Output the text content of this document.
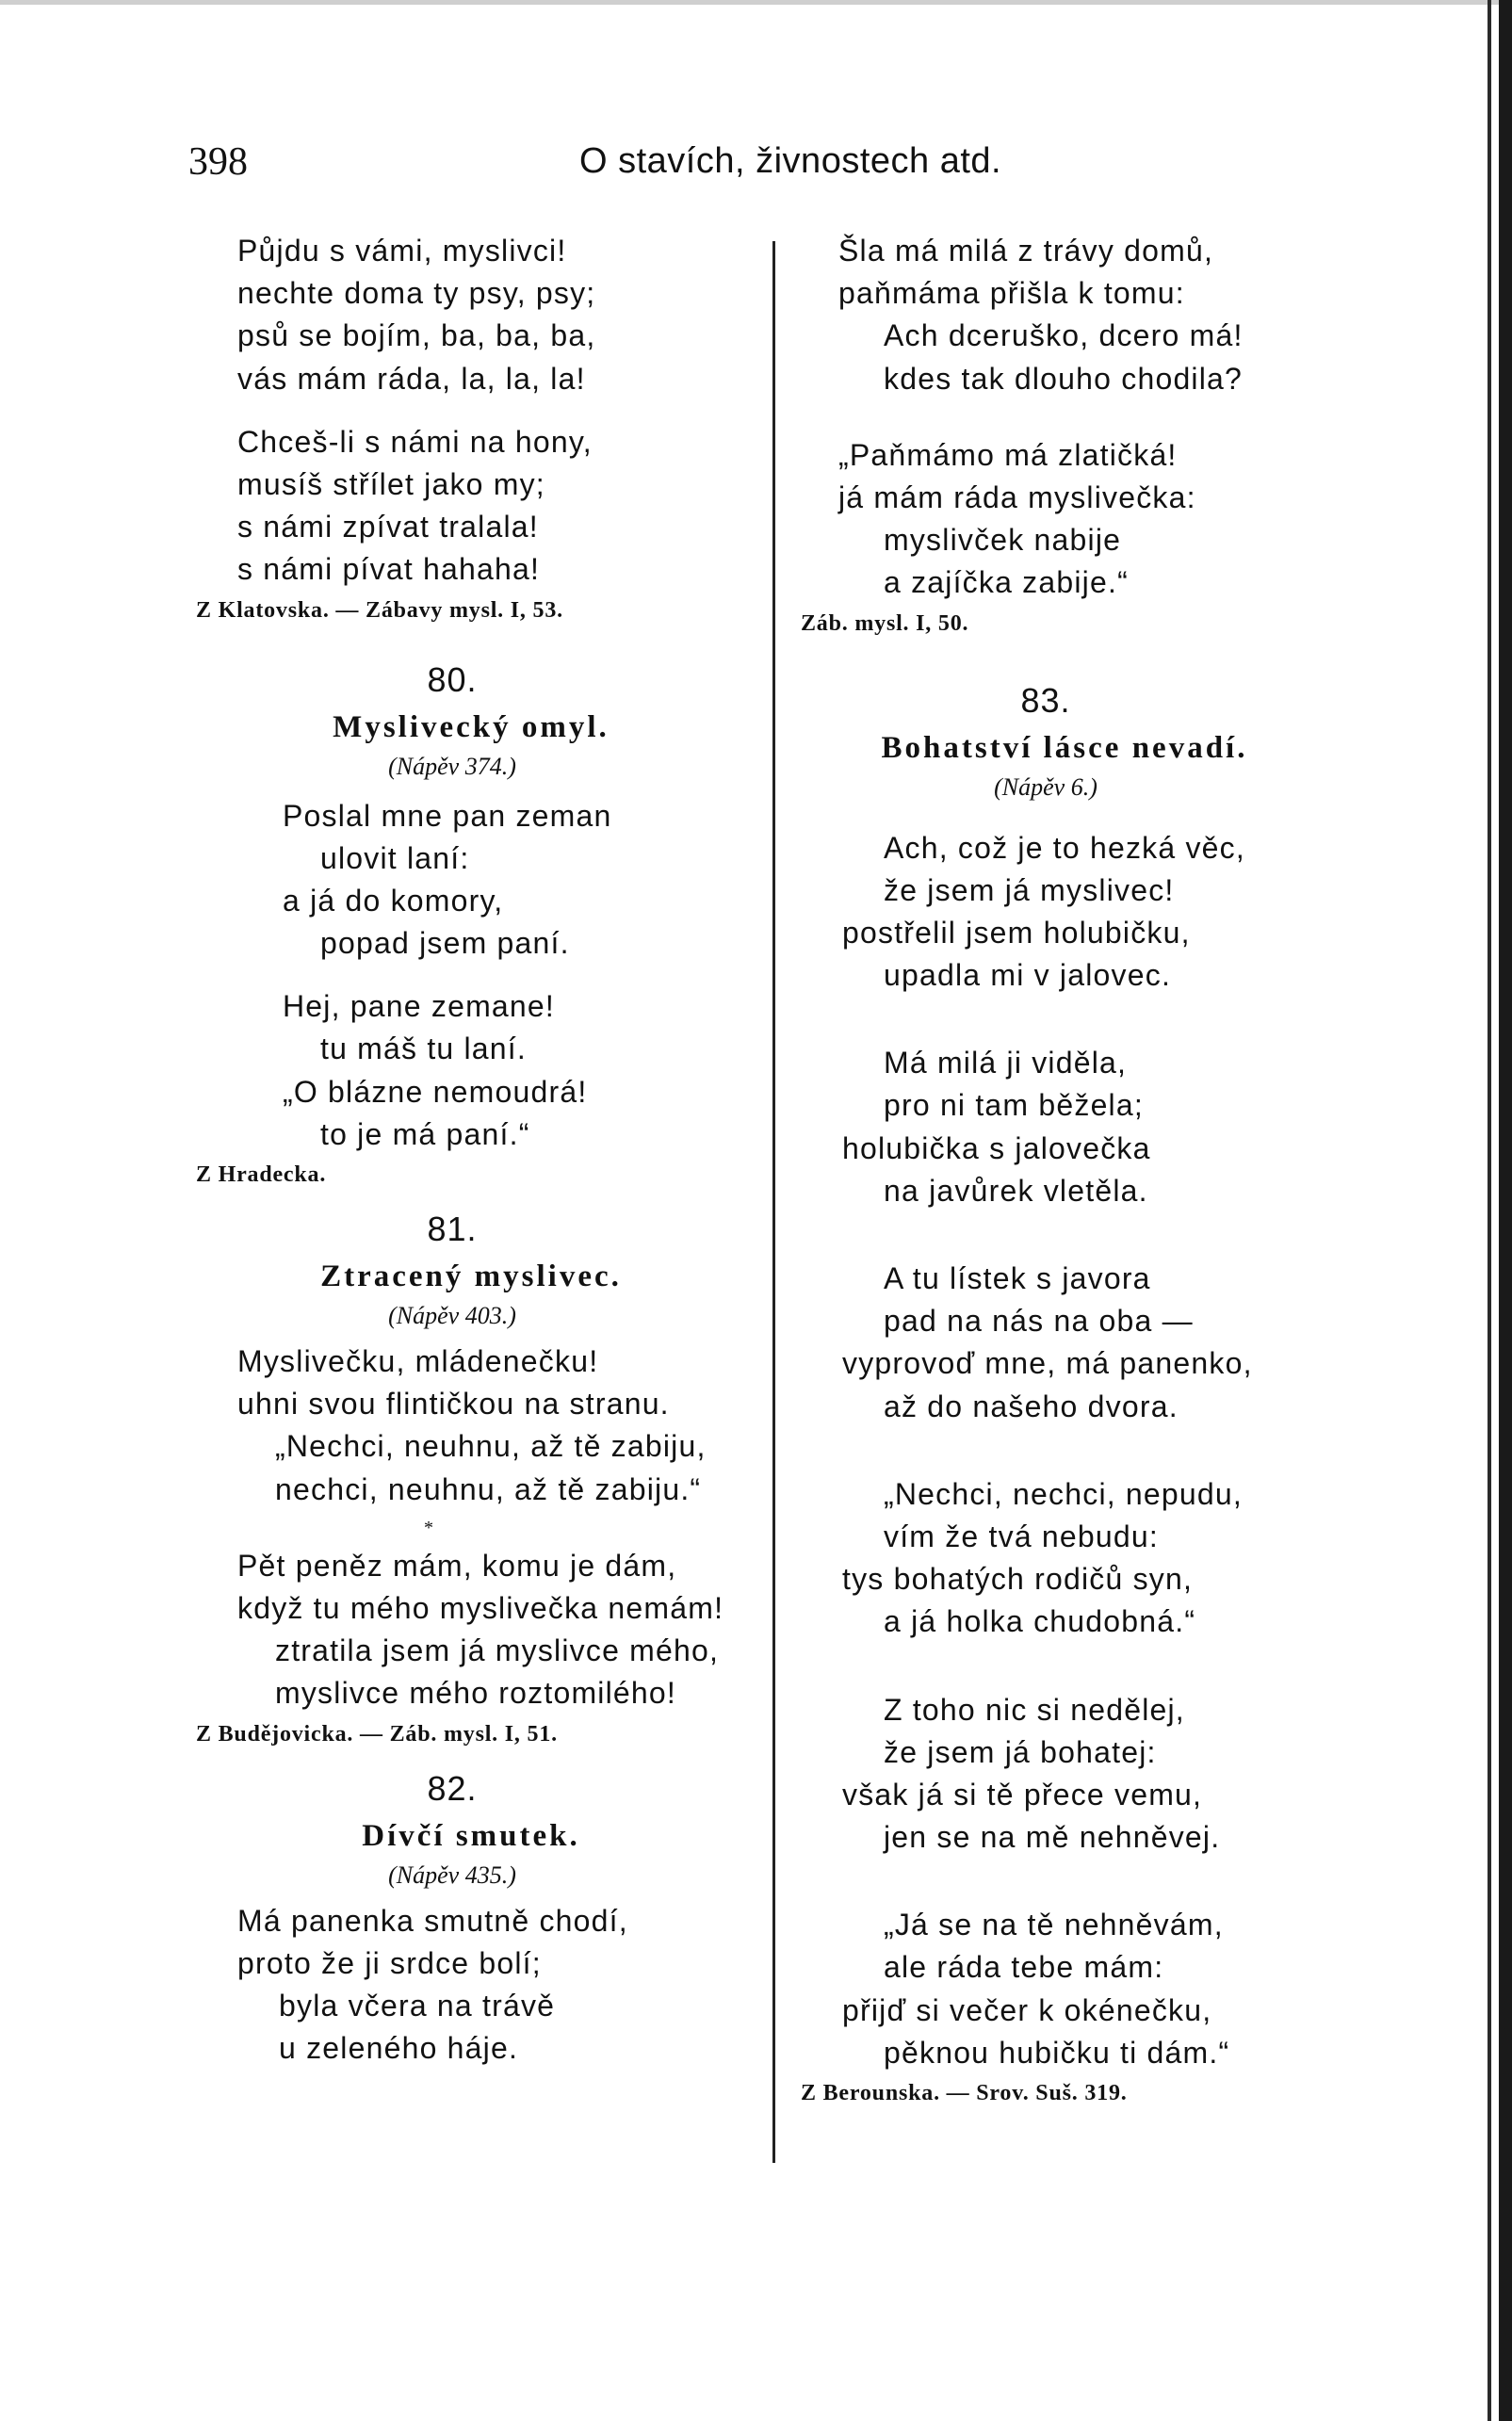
398	O stavích, živnostech atd.
Půjdu s vámi, myslivci!
nechte doma ty psy, psy;
psů se bojím, ba, ba, ba,
vás mám ráda, la, la, la!
Chceš-li s námi na hony,
musíš střílet jako my;
s námi zpívat tralala!
s námi pívat hahaha!
Z Klatovska. — Zábavy mysl. I, 53.
80.
Myslivecký omyl.
(Nápěv 374.)
Poslal mne pan zeman
ulovit laní:
a já do komory,
popad jsem paní.
Hej, pane zemane!
tu máš tu laní.
„O blázne nemoudrá!
to je má paní.“
Z Hradecka.
81.
Ztracený myslivec.
(Nápěv 403.)
Myslivečku, mládenečku!
uhni svou flintičkou na stranu.
„Nechci, neuhnu, až tě zabiju,
nechci, neuhnu, až tě zabiju.“
*
Pět peněz mám, komu je dám,
když tu mého myslivečka nemám!
ztratila jsem já myslivce mého,
myslivce mého roztomilého!
Z Budějovicka. — Záb. mysl. I, 51.
82.
Dívčí smutek.
(Nápěv 435.)
Má panenka smutně chodí,
proto že ji srdce bolí;
byla včera na trávě
u zeleného háje.
Šla má milá z trávy domů,
paňmáma přišla k tomu:
Ach dceruško, dcero má!
kdes tak dlouho chodila?
„Paňmámo má zlatičká!
já mám ráda myslivečka:
myslivček nabije
a zajíčka zabije.“
Záb. mysl. I, 50.
83.
Bohatství lásce nevadí.
(Nápěv 6.)
Ach, což je to hezká věc,
že jsem já myslivec!
postřelil jsem holubičku,
upadla mi v jalovec.
Má milá ji viděla,
pro ni tam běžela;
holubička s jalovečka
na javůrek vletěla.
A tu lístek s javora
pad na nás na oba —
vyprovoď mne, má panenko,
až do našeho dvora.
„Nechci, nechci, nepudu,
vím že tvá nebudu:
tys bohatých rodičů syn,
a já holka chudobná.“
Z toho nic si nedělej,
že jsem já bohatej:
však já si tě přece vemu,
jen se na mě nehněvej.
„Já se na tě nehněvám,
ale ráda tebe mám:
přijď si večer k okénečku,
pěknou hubičku ti dám.“
Z Berounska. — Srov. Suš. 319.
